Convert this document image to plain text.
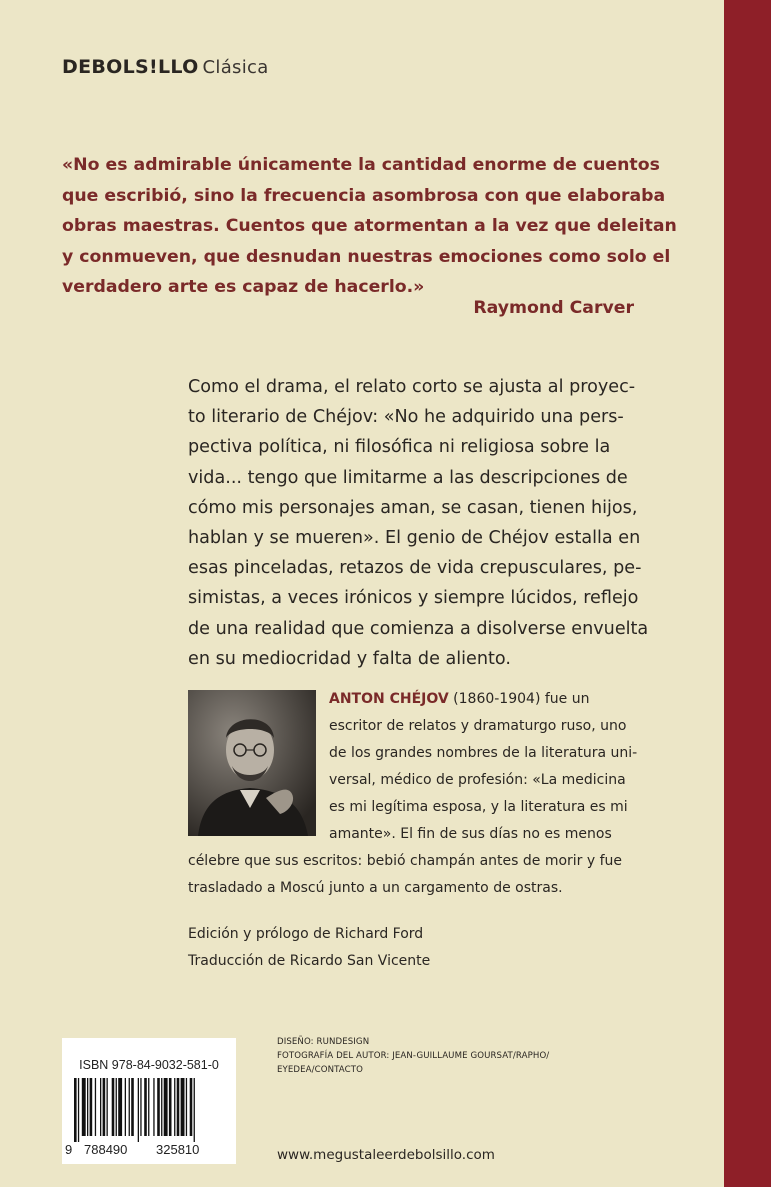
DEBOLS!LLO Clásica
«No es admirable únicamente la cantidad enorme de cuentos
que escribió, sino la frecuencia asombrosa con que elaboraba
obras maestras. Cuentos que atormentan a la vez que deleitan
y conmueven, que desnudan nuestras emociones como solo el
verdadero arte es capaz de hacerlo.»
Raymond Carver
Como el drama, el relato corto se ajusta al proyec-
to literario de Chéjov: «No he adquirido una pers-
pectiva política, ni filosófica ni religiosa sobre la
vida... tengo que limitarme a las descripciones de
cómo mis personajes aman, se casan, tienen hijos,
hablan y se mueren». El genio de Chéjov estalla en
esas pinceladas, retazos de vida crepusculares, pe-
simistas, a veces irónicos y siempre lúcidos, reflejo
de una realidad que comienza a disolverse envuelta
en su mediocridad y falta de aliento.
ANTON CHÉJOV (1860-1904) fue un
escritor de relatos y dramaturgo ruso, uno
de los grandes nombres de la literatura uni-
versal, médico de profesión: «La medicina
es mi legítima esposa, y la literatura es mi
amante». El fin de sus días no es menos
célebre que sus escritos: bebió champán antes de morir y fue
trasladado a Moscú junto a un cargamento de ostras.
Edición y prólogo de Richard Ford
Traducción de Ricardo San Vicente
ISBN 978-84-9032-581-0
9 788490 325810
DISEÑO: RUNDESIGN
FOTOGRAFÍA DEL AUTOR: JEAN-GUILLAUME GOURSAT/RAPHO/
EYEDEA/CONTACTO
www.megustaleerdebolsillo.com
